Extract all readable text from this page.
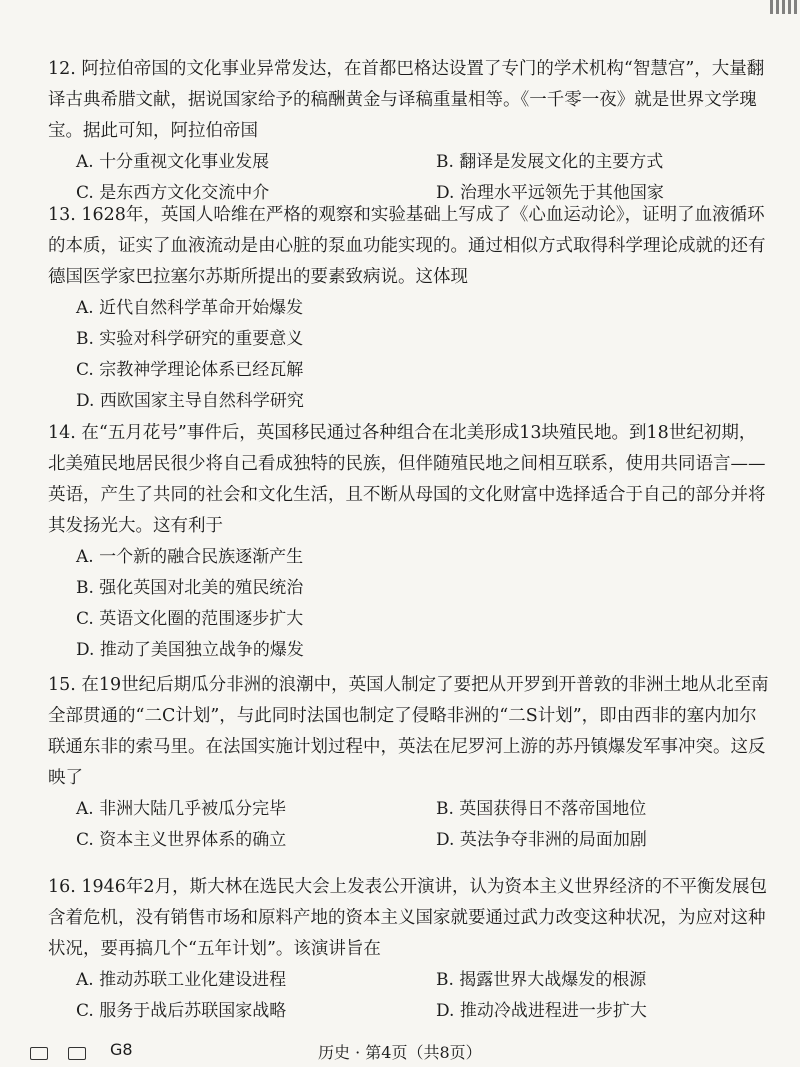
12. 阿拉伯帝国的文化事业异常发达，在首都巴格达设置了专门的学术机构“智慧宫”，大量翻译古典希腊文献，据说国家给予的稿酬黄金与译稿重量相等。《一千零一夜》就是世界文学瑰宝。据此可知，阿拉伯帝国

A. 十分重视文化事业发展	B. 翻译是发展文化的主要方式
C. 是东西方文化交流中介	D. 治理水平远领先于其他国家

13. 1628年，英国人哈维在严格的观察和实验基础上写成了《心血运动论》，证明了血液循环的本质，证实了血液流动是由心脏的泵血功能实现的。通过相似方式取得科学理论成就的还有德国医学家巴拉塞尔苏斯所提出的要素致病说。这体现

A. 近代自然科学革命开始爆发
B. 实验对科学研究的重要意义
C. 宗教神学理论体系已经瓦解
D. 西欧国家主导自然科学研究

14. 在“五月花号”事件后，英国移民通过各种组合在北美形成13块殖民地。到18世纪初期，北美殖民地居民很少将自己看成独特的民族，但伴随殖民地之间相互联系，使用共同语言——英语，产生了共同的社会和文化生活，且不断从母国的文化财富中选择适合于自己的部分并将其发扬光大。这有利于

A. 一个新的融合民族逐渐产生
B. 强化英国对北美的殖民统治
C. 英语文化圈的范围逐步扩大
D. 推动了美国独立战争的爆发

15. 在19世纪后期瓜分非洲的浪潮中，英国人制定了要把从开罗到开普敦的非洲土地从北至南全部贯通的“二C计划”，与此同时法国也制定了侵略非洲的“二S计划”，即由西非的塞内加尔联通东非的索马里。在法国实施计划过程中，英法在尼罗河上游的苏丹镇爆发军事冲突。这反映了

A. 非洲大陆几乎被瓜分完毕	B. 英国获得日不落帝国地位
C. 资本主义世界体系的确立	D. 英法争夺非洲的局面加剧

16. 1946年2月，斯大林在选民大会上发表公开演讲，认为资本主义世界经济的不平衡发展包含着危机，没有销售市场和原料产地的资本主义国家就要通过武力改变这种状况，为应对这种状况，要再搞几个“五年计划”。该演讲旨在

A. 推动苏联工业化建设进程	B. 揭露世界大战爆发的根源
C. 服务于战后苏联国家战略	D. 推动冷战进程进一步扩大
G8	历史 · 第4页（共8页）
